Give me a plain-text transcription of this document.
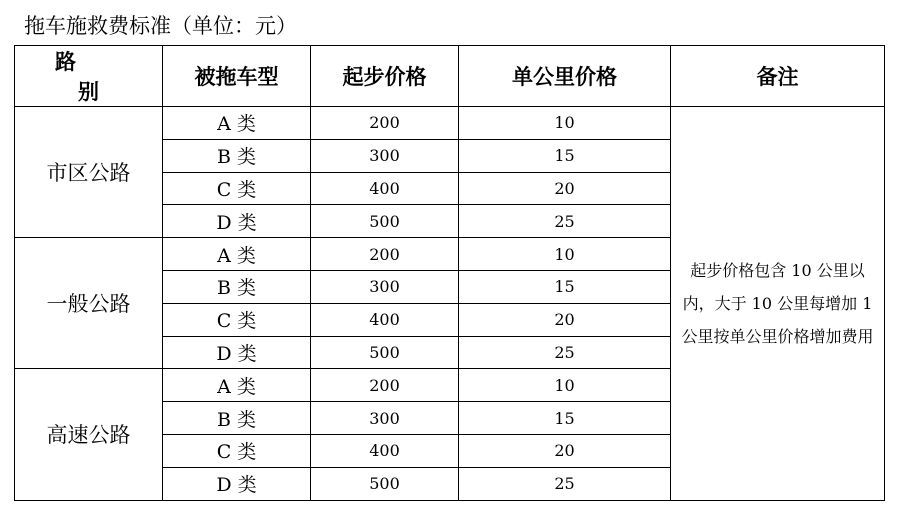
拖车施救费标准（单位：元）
路　别	被拖车型	起步价格	单公里价格	备注
市区公路	A 类	200	10	起步价格包含 10 公里以内，大于 10 公里每增加 1 公里按单公里价格增加费用
	B 类	300	15	
	C 类	400	20	
	D 类	500	25	
一般公路	A 类	200	10	
	B 类	300	15	
	C 类	400	20	
	D 类	500	25	
高速公路	A 类	200	10	
	B 类	300	15	
	C 类	400	20	
	D 类	500	25	
